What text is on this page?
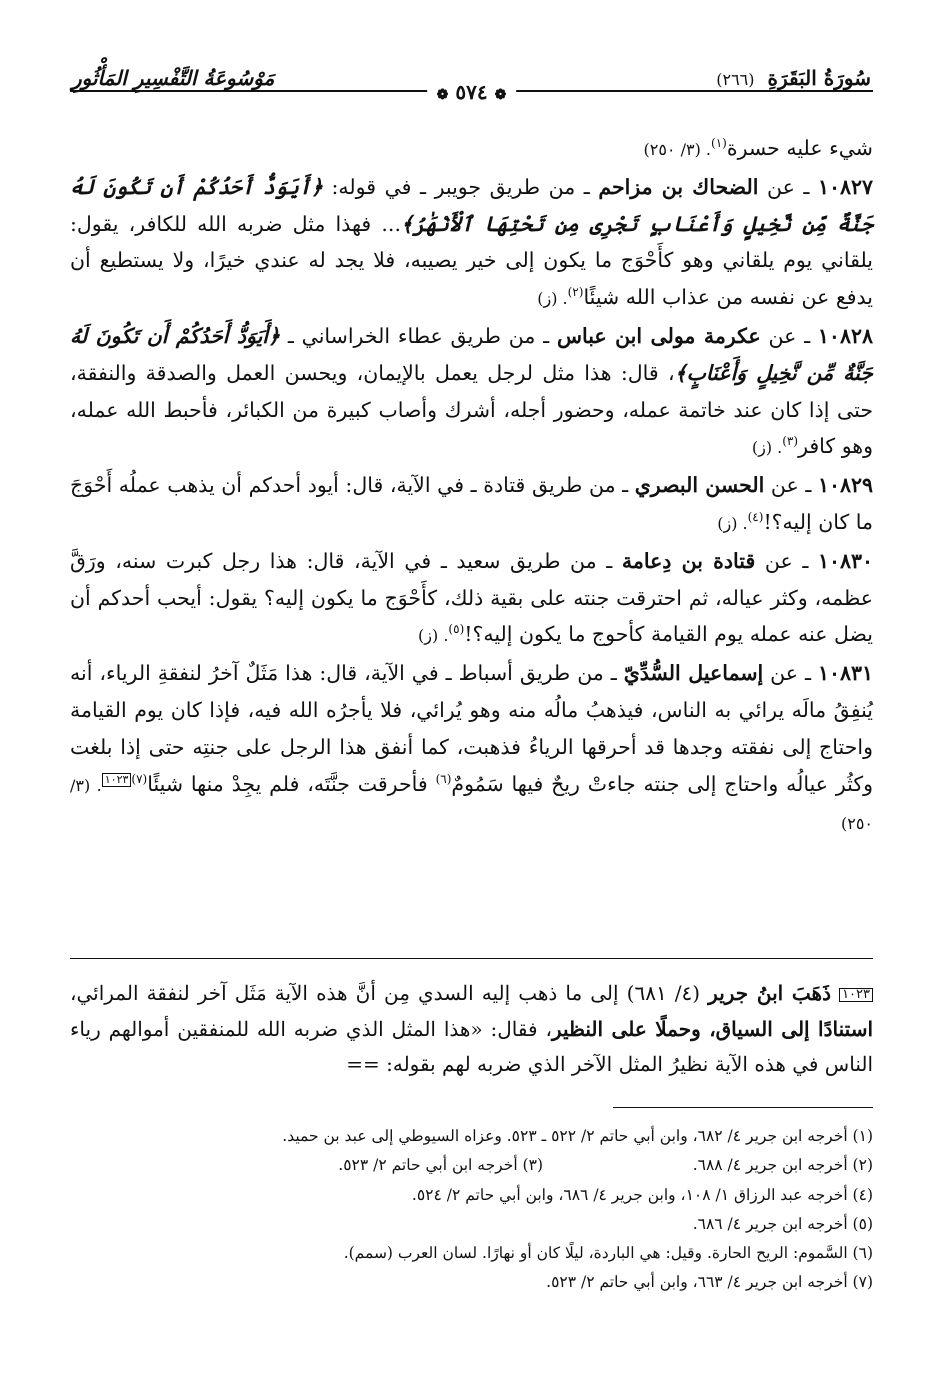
سُورَةُ البَقَرَةِ (٢٦٦)
مَوْسُوعَةُ التَّفْسِيرِ المَأْثُورِ
❁ ٥٧٤ ❁

شيء عليه حسرة$^{(١)}$. (٣/ ٢٥٠)

١٠٨٢٧ ـ عن الضحاك بن مزاحم ـ من طريق جويبر ـ في قوله: ﴿أَيَوَدُّ أَحَدُكُمْ أَن تَكُونَ لَهُ جَنَّةٌ مِّن نَّخِيلٍ وَأَعْنَابٍ تَجْرِى مِن تَحْتِهَا ٱلْأَنْهَٰرُ﴾... فهذا مثل ضربه الله للكافر، يقول: يلقاني يوم يلقاني وهو كأَحْوَج ما يكون إلى خير يصيبه، فلا يجد له عندي خيرًا، ولا يستطيع أن يدفع عن نفسه من عذاب الله شيئًا$^{(٢)}$. (ز)

١٠٨٢٨ ـ عن عكرمة مولى ابن عباس ـ من طريق عطاء الخراساني ـ ﴿أَيَوَدُّ أَحَدُكُمْ أَن تَكُونَ لَهُ جَنَّةٌ مِّن نَّخِيلٍ وَأَعْنَابٍ﴾، قال: هذا مثل لرجل يعمل بالإيمان، ويحسن العمل والصدقة والنفقة، حتى إذا كان عند خاتمة عمله، وحضور أجله، أشرك وأصاب كبيرة من الكبائر، فأحبط الله عمله، وهو كافر$^{(٣)}$. (ز)

١٠٨٢٩ ـ عن الحسن البصري ـ من طريق قتادة ـ في الآية، قال: أيود أحدكم أن يذهب عملُه أَحْوَجَ ما كان إليه؟!$^{(٤)}$. (ز)

١٠٨٣٠ ـ عن قتادة بن دِعامة ـ من طريق سعيد ـ في الآية، قال: هذا رجل كبرت سنه، ورَقَّ عظمه، وكثر عياله، ثم احترقت جنته على بقية ذلك، كأَحْوَج ما يكون إليه؟ يقول: أيحب أحدكم أن يضل عنه عمله يوم القيامة كأحوج ما يكون إليه؟!$^{(٥)}$. (ز)

١٠٨٣١ ـ عن إسماعيل السُّدِّيّ ـ من طريق أسباط ـ في الآية، قال: هذا مَثَلٌ آخرُ لنفقةِ الرياء، أنه يُنفِقُ مالَه يرائي به الناس، فيذهبُ مالُه منه وهو يُرائي، فلا يأجرُه الله فيه، فإذا كان يوم القيامة واحتاج إلى نفقته وجدها قد أحرقها الرياءُ فذهبت، كما أنفق هذا الرجل على جنتِه حتى إذا بلغت وكثُر عيالُه واحتاج إلى جنته جاءتْ ريحٌ فيها سَمُومٌ$^{(٦)}$ فأحرقت جنَّتَه، فلم يجِدْ منها شيئًا$^{(٧)}$١٠٢٣. (٣/ ٢٥٠)

١٠٢٣ ذَهَبَ ابنُ جرير (٤/ ٦٨١) إلى ما ذهب إليه السدي مِن أنَّ هذه الآية مَثَل آخر لنفقة المرائي، استنادًا إلى السياق، وحملًا على النظير، فقال: «هذا المثل الذي ضربه الله للمنفقين أموالهم رياء الناس في هذه الآية نظيرُ المثل الآخر الذي ضربه لهم بقوله: ==

(١) أخرجه ابن جرير ٤/ ٦٨٢، وابن أبي حاتم ٢/ ٥٢٢ ـ ٥٢٣. وعزاه السيوطي إلى عبد بن حميد.

(٢) أخرجه ابن جرير ٤/ ٦٨٨.

(٣) أخرجه ابن أبي حاتم ٢/ ٥٢٣.

(٤) أخرجه عبد الرزاق ١/ ١٠٨، وابن جرير ٤/ ٦٨٦، وابن أبي حاتم ٢/ ٥٢٤.

(٥) أخرجه ابن جرير ٤/ ٦٨٦.

(٦) السَّموم: الريح الحارة. وقيل: هي الباردة، ليلًا كان أو نهارًا. لسان العرب (سمم).

(٧) أخرجه ابن جرير ٤/ ٦٦٣، وابن أبي حاتم ٢/ ٥٢٣.
